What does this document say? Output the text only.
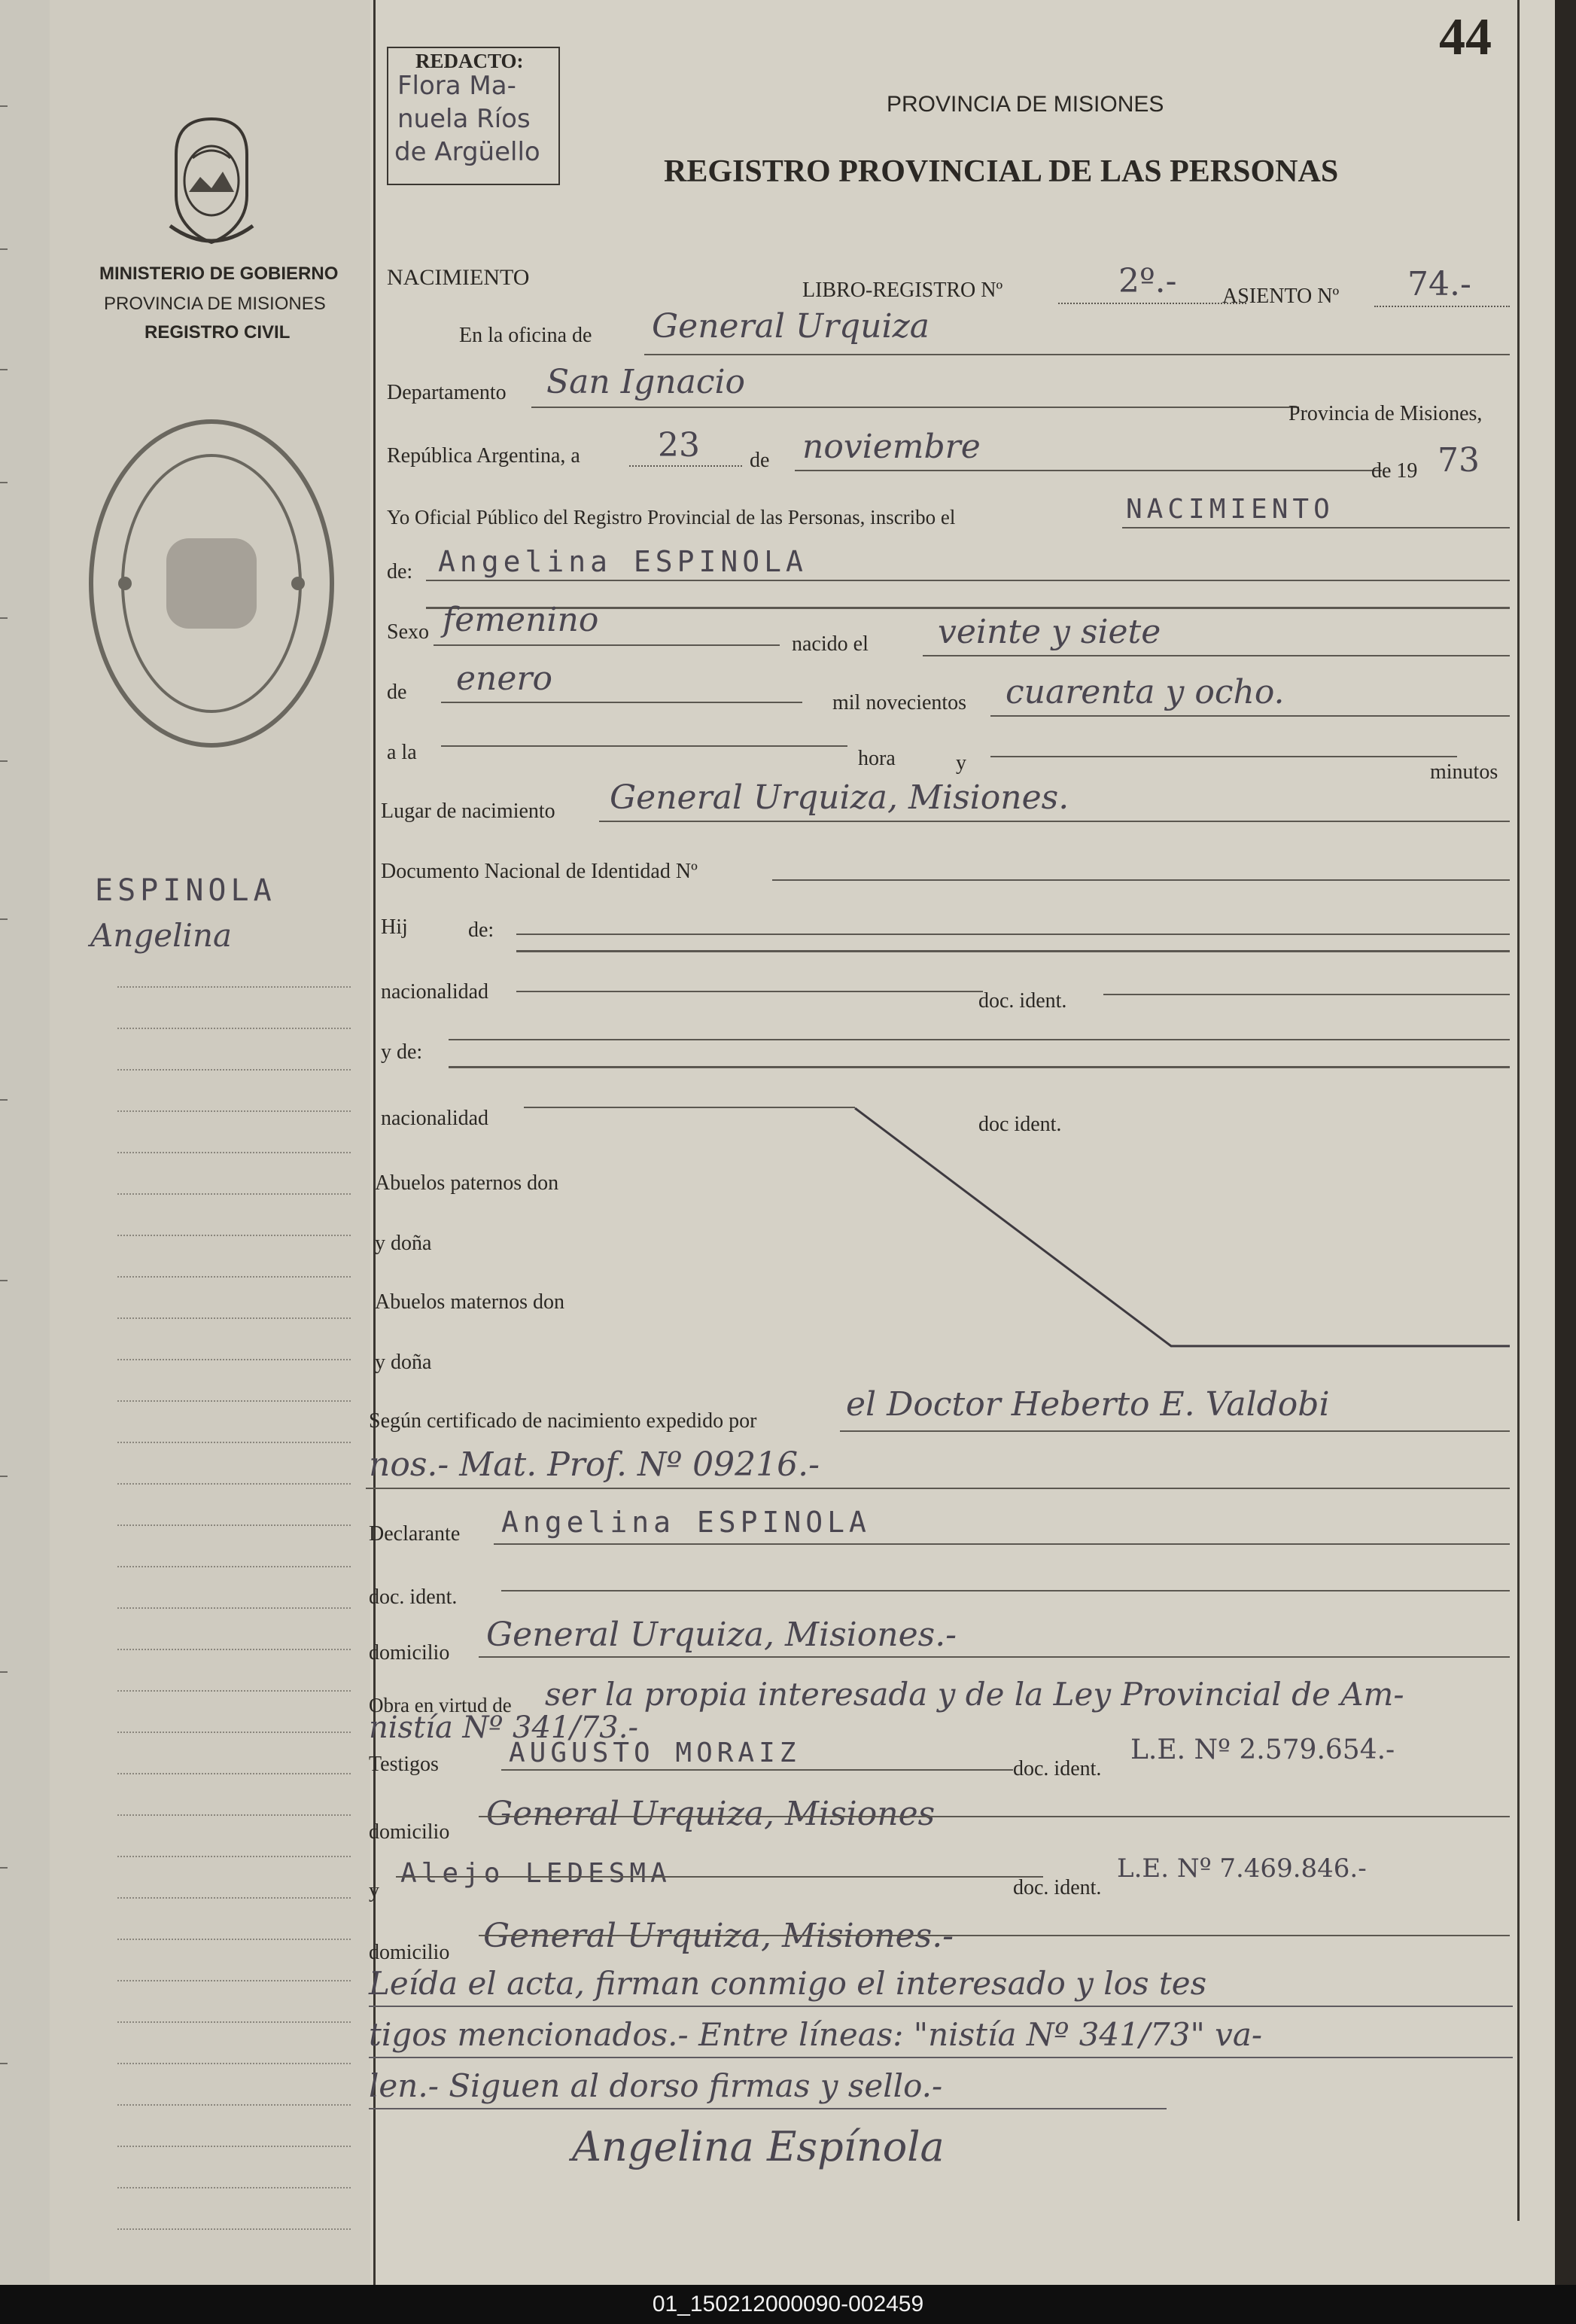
MINISTERIO DE GOBIERNO
PROVINCIA DE MISIONES
REGISTRO CIVIL
ESPINOLA
Angelina
44
REDACTO:
Flora Ma-
nuela Ríos
de Argüello
PROVINCIA DE MISIONES
REGISTRO PROVINCIAL DE LAS PERSONAS
NACIMIENTO
LIBRO-REGISTRO Nº	2º.- ASIENTO Nº 74.-
En la oficina de General Urquiza
Departamento San Ignacio
Provincia de Misiones,
República Argentina, a 23 de noviembre
de 19 73
Yo Oficial Público del Registro Provincial de las Personas, inscribo el	NACIMIENTO
de: Angelina ESPINOLA
Sexo femenino
nacido el veinte y siete
de enero
mil novecientos cuarenta y ocho.
a la	hora	y	minutos
Lugar de nacimiento General Urquiza, Misiones.
Documento Nacional de Identidad Nº
Hij	de:
nacionalidad	doc. ident.
y de:
nacionalidad	doc ident.
Abuelos paternos don
y doña
Abuelos maternos don
y doña
Según certificado de nacimiento expedido por	el Doctor Heberto E. Valdobi
nos.- Mat. Prof. Nº 09216.-
Declarante Angelina ESPINOLA
doc. ident.
domicilio General Urquiza, Misiones.-
Obra en virtud de ser la propia interesada y de la Ley Provincial de Am-
nistía Nº 341/73.-
Testigos	AUGUSTO MORAIZ
doc. ident.
L.E. Nº 2.579.654.-
domicilio General Urquiza, Misiones
y
Alejo LEDESMA	doc. ident.
L.E. Nº 7.469.846.-
domicilio General Urquiza, Misiones.-
Leída el acta, firman conmigo el interesado y los tes
tigos mencionados.- Entre líneas: "nistía Nº 341/73" va-
len.- Siguen al dorso firmas y sello.-
Angelina Espínola
01_150212000090-002459
